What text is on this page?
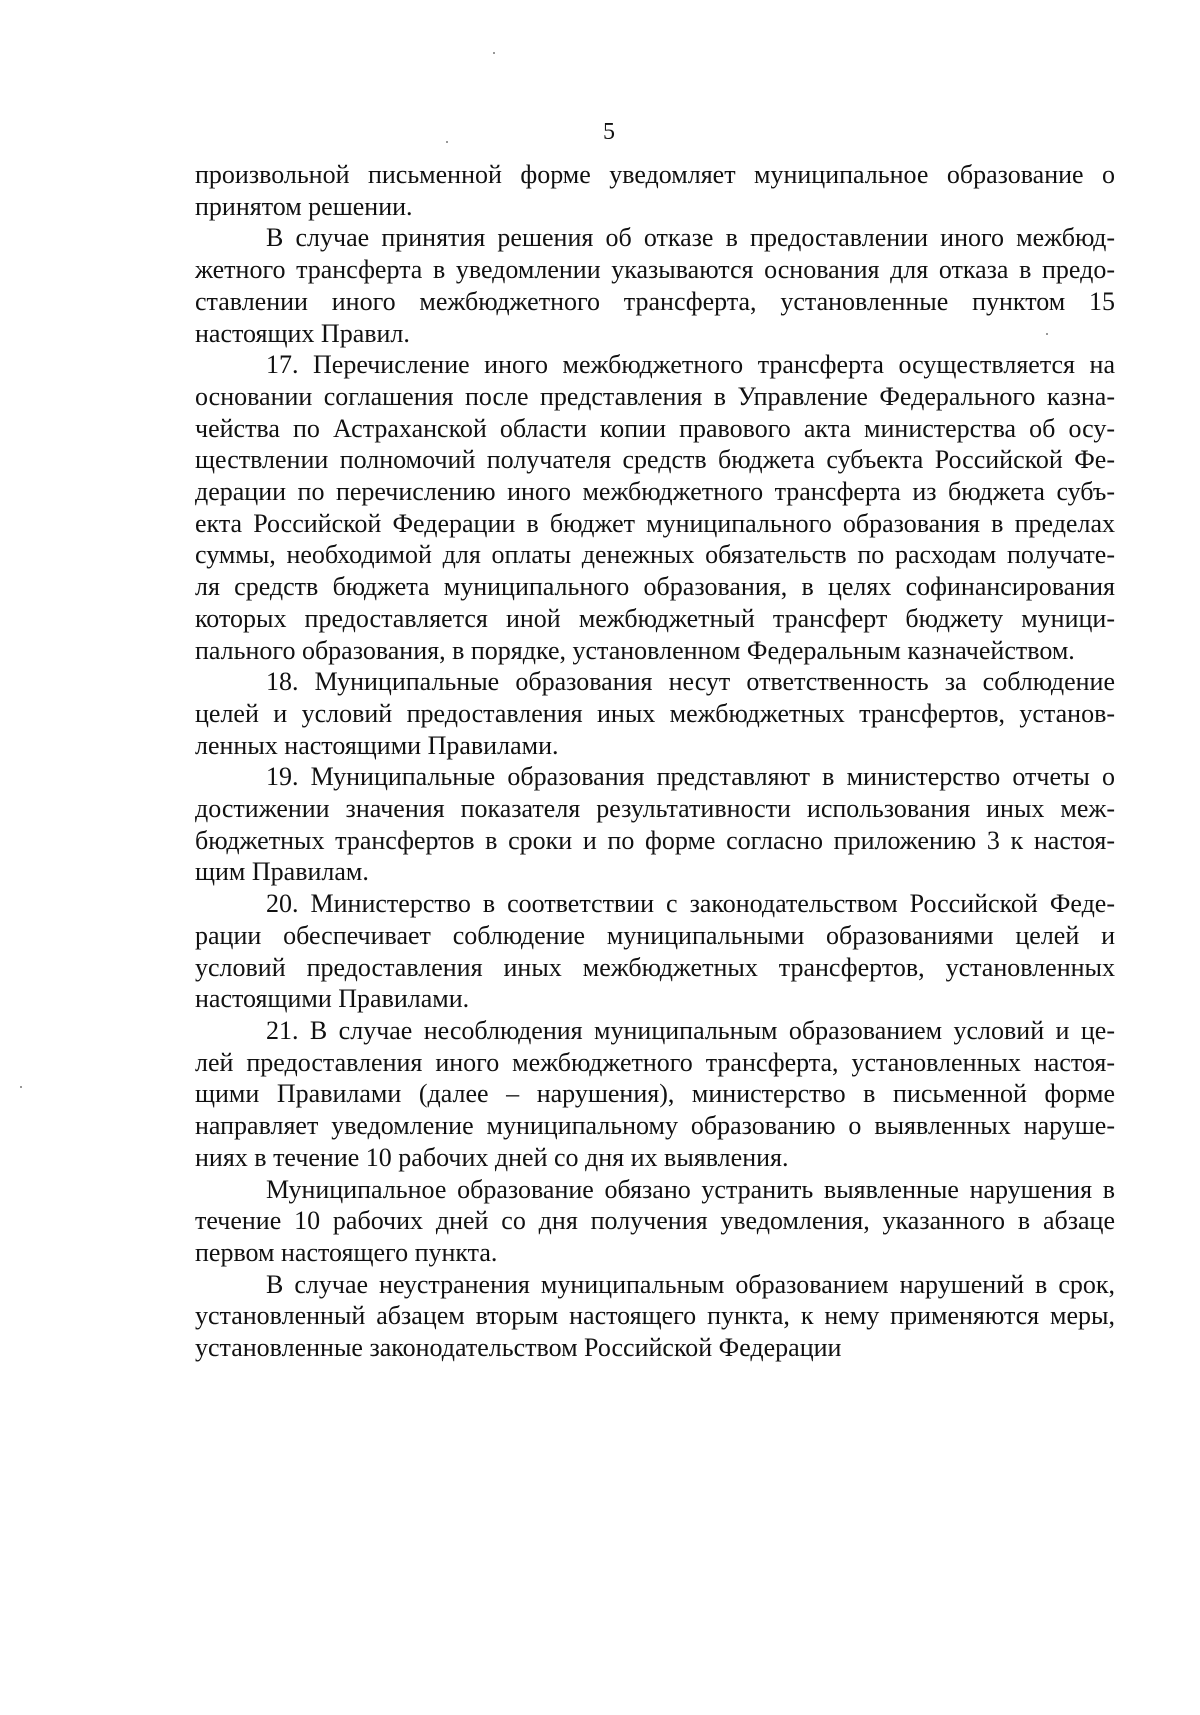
5
произвольной письменной форме уведомляет муниципальное образование о
принятом решении.
В случае принятия решения об отказе в предоставлении иного межбюд-
жетного трансферта в уведомлении указываются основания для отказа в предо-
ставлении иного межбюджетного трансферта, установленные пунктом 15
настоящих Правил.
17. Перечисление иного межбюджетного трансферта осуществляется на
основании соглашения после представления в Управление Федерального казна-
чейства по Астраханской области копии правового акта министерства об осу-
ществлении полномочий получателя средств бюджета субъекта Российской Фе-
дерации по перечислению иного межбюджетного трансферта из бюджета субъ-
екта Российской Федерации в бюджет муниципального образования в пределах
суммы, необходимой для оплаты денежных обязательств по расходам получате-
ля средств бюджета муниципального образования, в целях софинансирования
которых предоставляется иной межбюджетный трансферт бюджету муници-
пального образования, в порядке, установленном Федеральным казначейством.
18. Муниципальные образования несут ответственность за соблюдение
целей и условий предоставления иных межбюджетных трансфертов, установ-
ленных настоящими Правилами.
19. Муниципальные образования представляют в министерство отчеты о
достижении значения показателя результативности использования иных меж-
бюджетных трансфертов в сроки и по форме согласно приложению 3 к настоя-
щим Правилам.
20. Министерство в соответствии с законодательством Российской Феде-
рации обеспечивает соблюдение муниципальными образованиями целей и
условий предоставления иных межбюджетных трансфертов, установленных
настоящими Правилами.
21. В случае несоблюдения муниципальным образованием условий и це-
лей предоставления иного межбюджетного трансферта, установленных настоя-
щими Правилами (далее – нарушения), министерство в письменной форме
направляет уведомление муниципальному образованию о выявленных наруше-
ниях в течение 10 рабочих дней со дня их выявления.
Муниципальное образование обязано устранить выявленные нарушения в
течение 10 рабочих дней со дня получения уведомления, указанного в абзаце
первом настоящего пункта.
В случае неустранения муниципальным образованием нарушений в срок,
установленный абзацем вторым настоящего пункта, к нему применяются меры,
установленные законодательством Российской Федерации
